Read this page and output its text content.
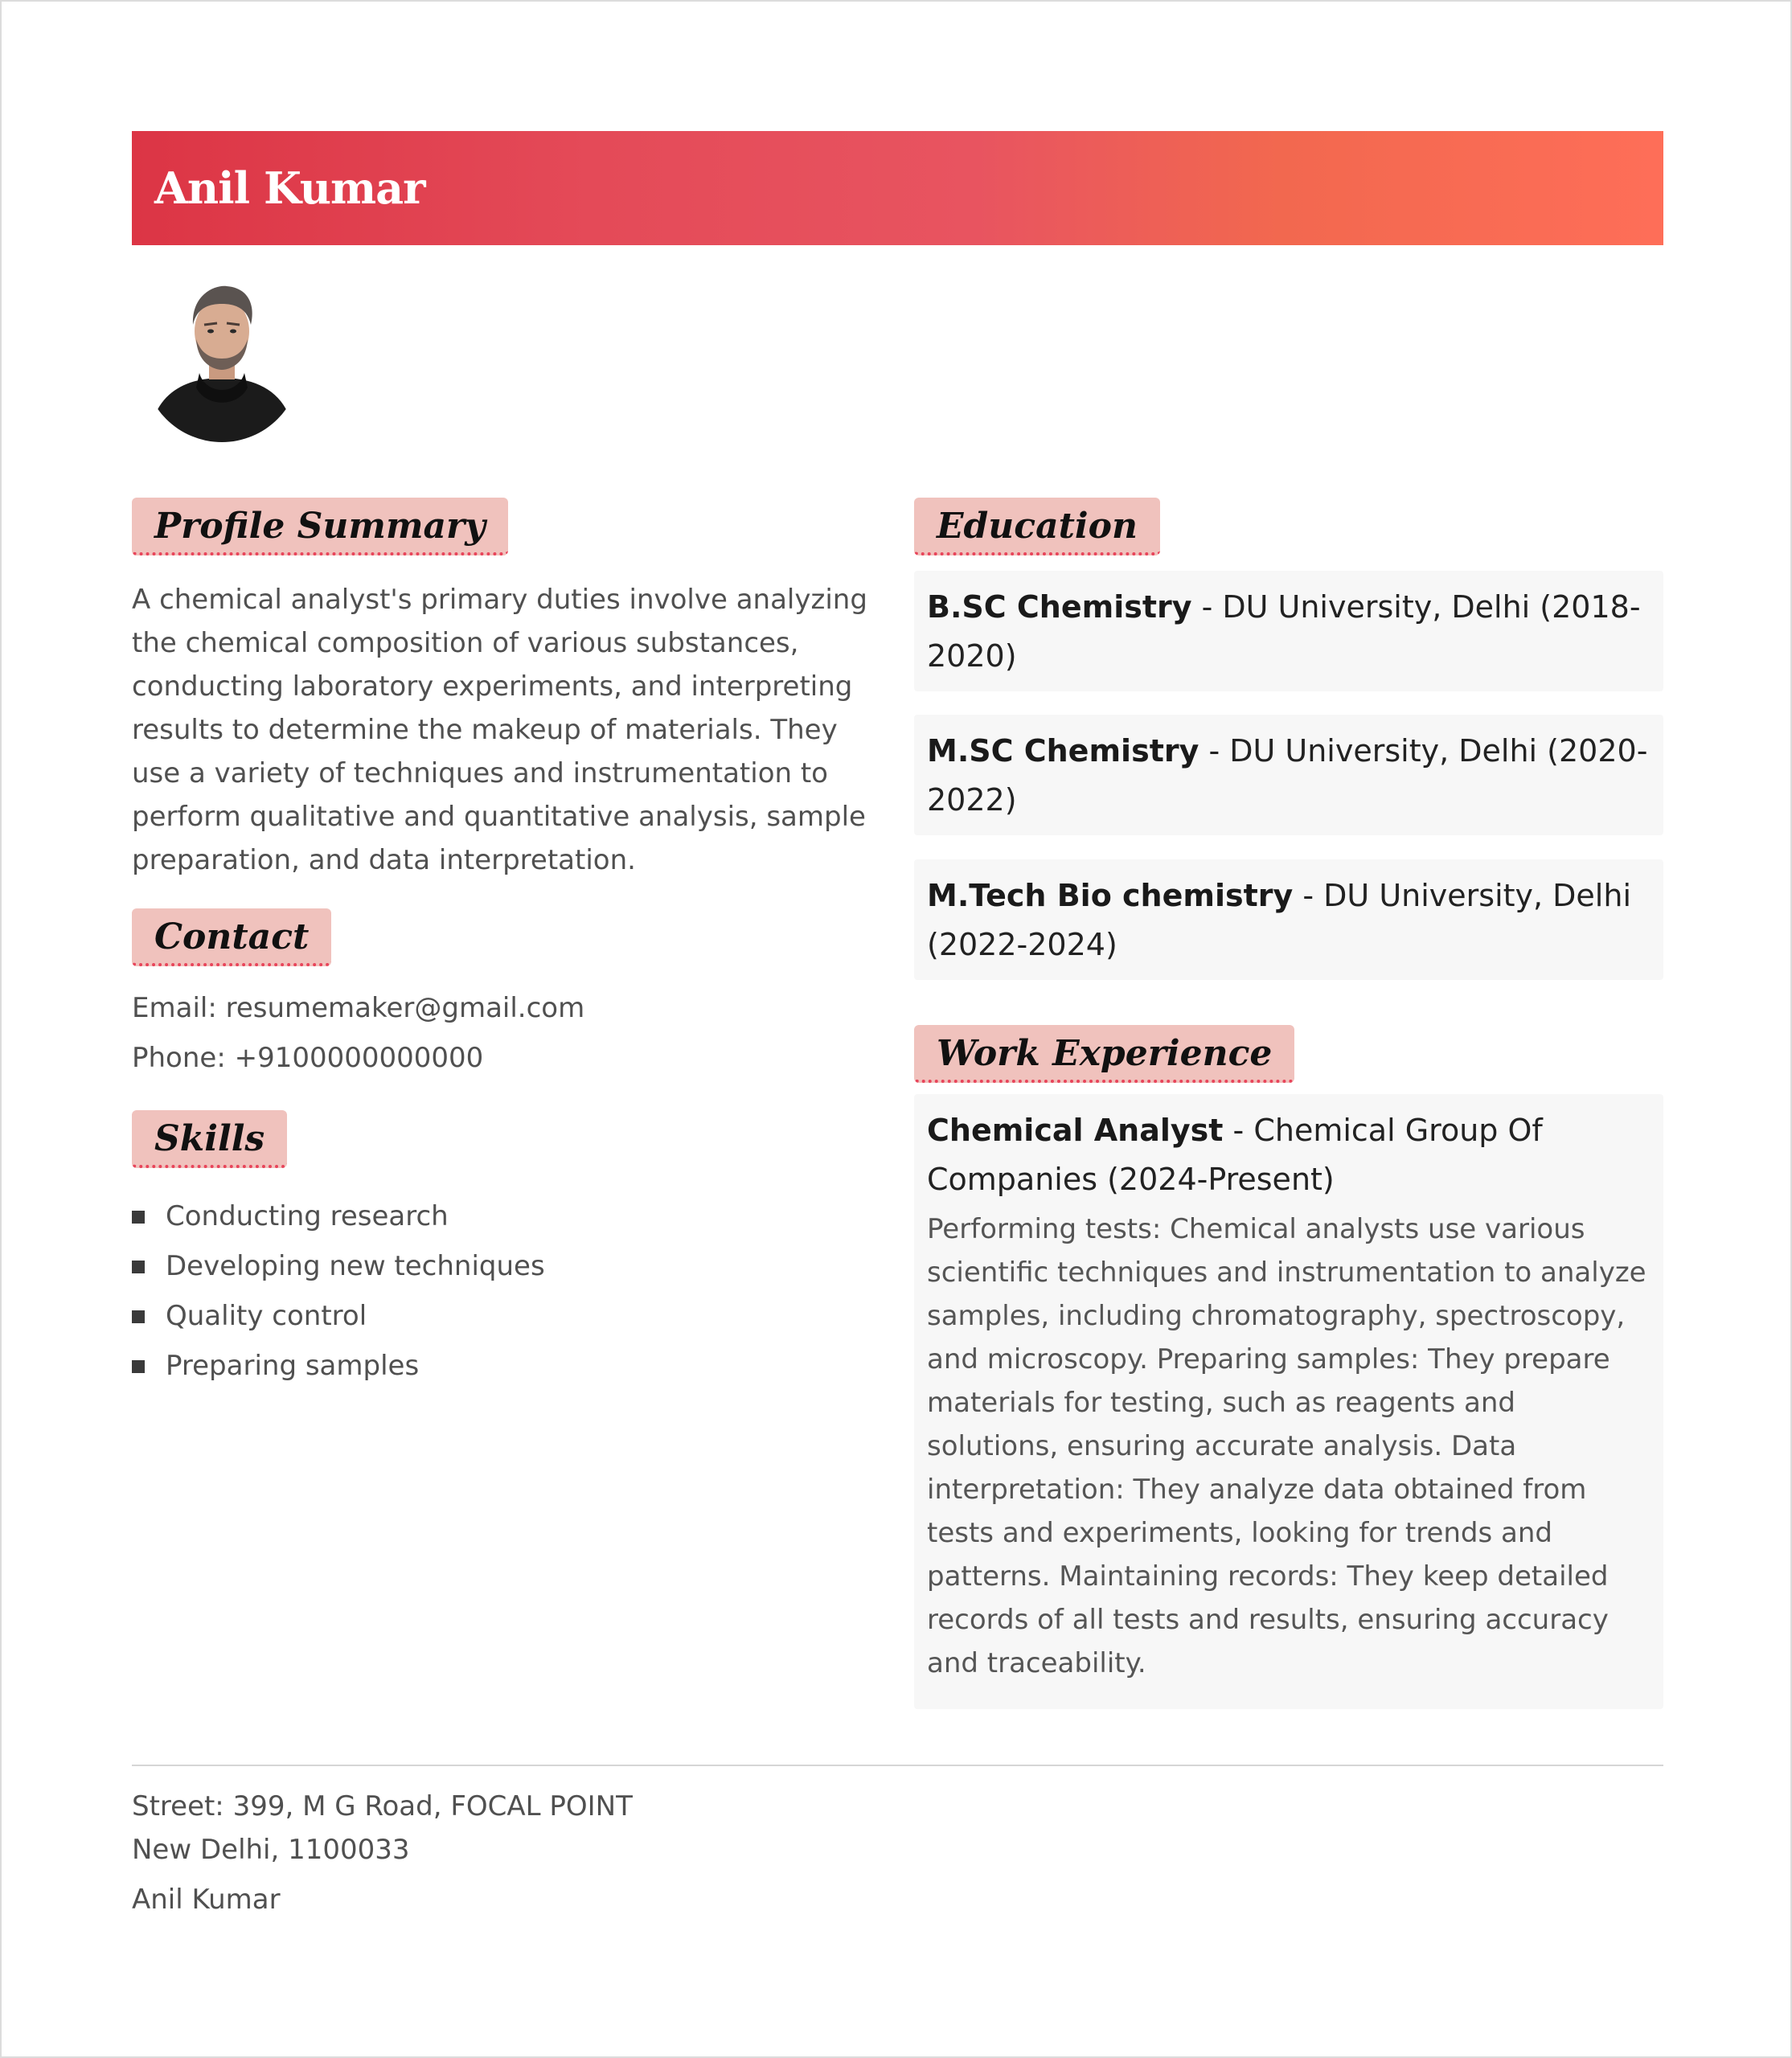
Anil Kumar
Profile Summary
A chemical analyst's primary duties involve analyzing
the chemical composition of various substances,
conducting laboratory experiments, and interpreting
results to determine the makeup of materials. They
use a variety of techniques and instrumentation to
perform qualitative and quantitative analysis, sample
preparation, and data interpretation.
Contact
Email: resumemaker@gmail.com
Phone: +9100000000000
Skills
Conducting research
Developing new techniques
Quality control
Preparing samples
Education
B.SC Chemistry - DU University, Delhi (2018-
2020)
M.SC Chemistry - DU University, Delhi (2020-
2022)
M.Tech Bio chemistry - DU University, Delhi
(2022-2024)
Work Experience
Chemical Analyst - Chemical Group Of
Companies (2024-Present)
Performing tests: Chemical analysts use various
scientific techniques and instrumentation to analyze
samples, including chromatography, spectroscopy,
and microscopy. Preparing samples: They prepare
materials for testing, such as reagents and
solutions, ensuring accurate analysis. Data
interpretation: They analyze data obtained from
tests and experiments, looking for trends and
patterns. Maintaining records: They keep detailed
records of all tests and results, ensuring accuracy
and traceability.
Street: 399, M G Road, FOCAL POINT
New Delhi, 1100033
Anil Kumar
